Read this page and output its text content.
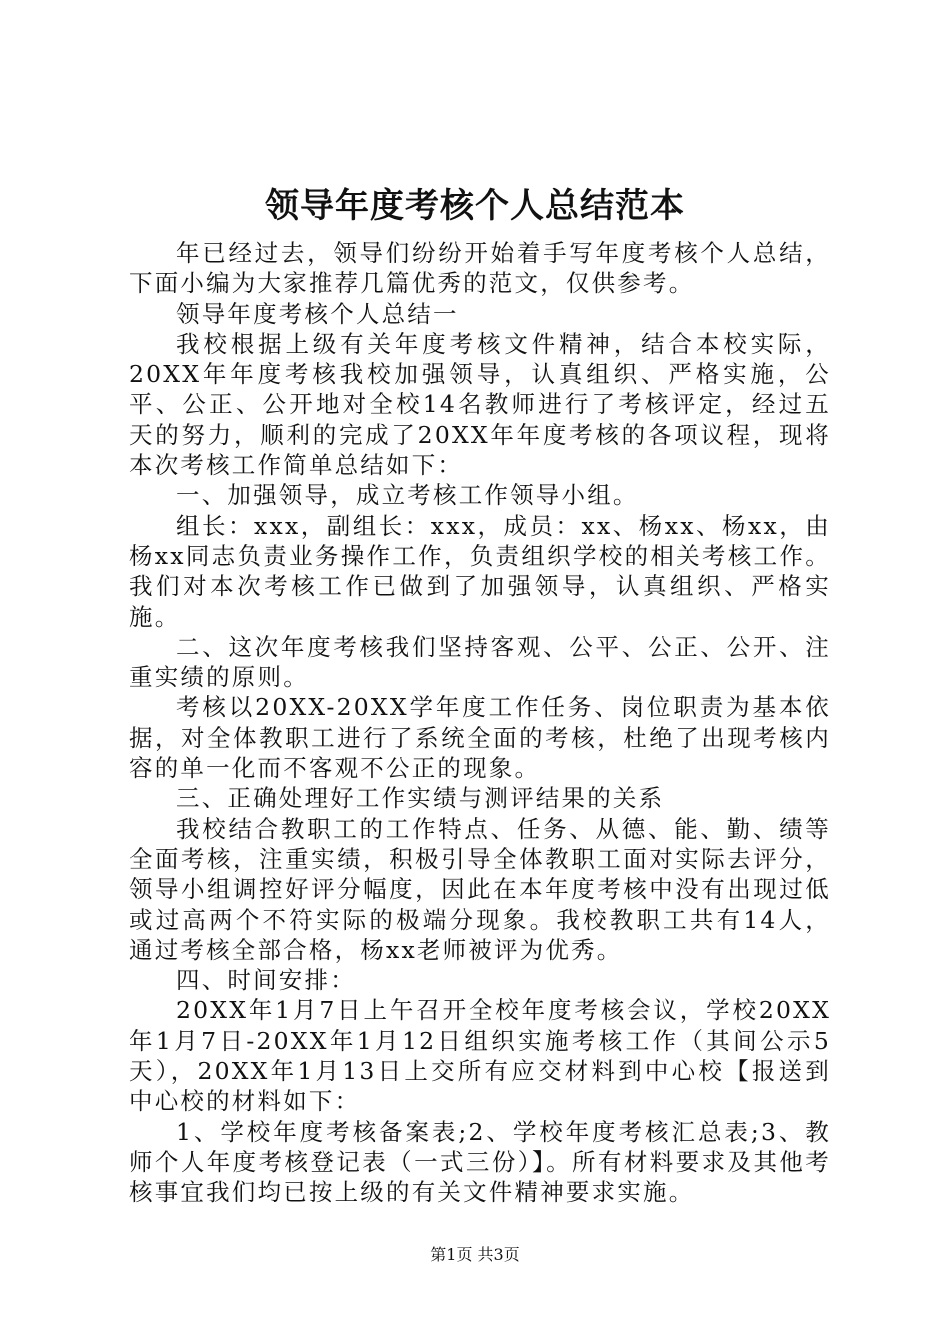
领导年度考核个人总结范本

年已经过去，领导们纷纷开始着手写年度考核个人总结，下面小编为大家推荐几篇优秀的范文，仅供参考。

领导年度考核个人总结一

我校根据上级有关年度考核文件精神，结合本校实际，20XX年年度考核我校加强领导，认真组织、严格实施，公平、公正、公开地对全校14名教师进行了考核评定，经过五天的努力，顺利的完成了20XX年年度考核的各项议程，现将本次考核工作简单总结如下：

一、加强领导，成立考核工作领导小组。

组长：xxx，副组长：xxx，成员：xx、杨xx、杨xx，由杨xx同志负责业务操作工作，负责组织学校的相关考核工作。我们对本次考核工作已做到了加强领导，认真组织、严格实施。

二、这次年度考核我们坚持客观、公平、公正、公开、注重实绩的原则。

考核以20XX-20XX学年度工作任务、岗位职责为基本依据，对全体教职工进行了系统全面的考核，杜绝了出现考核内容的单一化而不客观不公正的现象。

三、正确处理好工作实绩与测评结果的关系

我校结合教职工的工作特点、任务、从德、能、勤、绩等全面考核，注重实绩，积极引导全体教职工面对实际去评分，领导小组调控好评分幅度，因此在本年度考核中没有出现过低或过高两个不符实际的极端分现象。我校教职工共有14人，通过考核全部合格，杨xx老师被评为优秀。

四、时间安排：

20XX年1月7日上午召开全校年度考核会议，学校20XX年1月7日-20XX年1月12日组织实施考核工作（其间公示5天），20XX年1月13日上交所有应交材料到中心校【报送到中心校的材料如下：

1、学校年度考核备案表;2、学校年度考核汇总表;3、教师个人年度考核登记表（一式三份）】。所有材料要求及其他考核事宜我们均已按上级的有关文件精神要求实施。

第1页 共3页
